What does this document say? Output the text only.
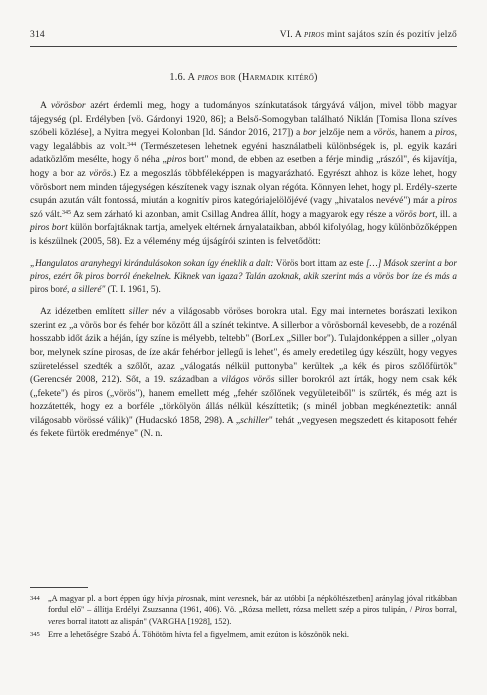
314	VI. A piros mint sajátos szín és pozitív jelző
1.6. A piros bor (Harmadik kitérő)

A vörösbor azért érdemli meg, hogy a tudományos színkutatások tárgyává váljon, mivel több magyar tájegység (pl. Erdélyben [vö. Gárdonyi 1920, 86]; a Belső-Somogyban található Niklán [Tomisa Ilona szíves szóbeli közlése], a Nyitra megyei Kolonban [ld. Sándor 2016, 217]) a bor jelzője nem a vörös, hanem a piros, vagy legalábbis az volt.$^{344}$ (Természetesen lehetnek egyéni használatbeli különbségek is, pl. egyik kazári adatközlőm mesélte, hogy ő néha „piros bort" mond, de ebben az esetben a férje mindig „rászól", és kijavítja, hogy a bor az vörös.) Ez a megoszlás többféleképpen is magyarázható. Egyrészt ahhoz is köze lehet, hogy vörösbort nem minden tájegységen készítenek vagy isznak olyan régóta. Könnyen lehet, hogy pl. Erdély-szerte csupán azután vált fontossá, miután a kognitív piros kategóriajelölőjévé (vagy „hivatalos nevévé") már a piros szó vált.$^{345}$ Az sem zárható ki azonban, amit Csillag Andrea állít, hogy a magyarok egy része a vörös bort, ill. a piros bort külön borfajtáknak tartja, amelyek eltérnek árnyalataikban, abból kifolyólag, hogy különbözőképpen is készülnek (2005, 58). Ez a vélemény még újságírói szinten is felvetődött:

„Hangulatos aranyhegyi kirándulásokon sokan így éneklik a dalt: Vörös bort ittam az este […] Mások szerint a bor piros, ezért ők piros borról énekelnek. Kiknek van igaza? Talán azoknak, akik szerint más a vörös bor íze és más a piros boré, a silleré" (T. I. 1961, 5).

Az idézetben említett siller név a világosabb vöröses borokra utal. Egy mai internetes borászati lexikon szerint ez „a vörös bor és fehér bor között áll a színét tekintve. A sillerbor a vörösbornál kevesebb, de a rozénál hosszabb időt ázik a héján, így színe is mélyebb, teltebb" (BorLex „Siller bor"). Tulajdonképpen a siller „olyan bor, melynek színe pirosas, de íze akár fehérbor jellegű is lehet", és amely eredetileg úgy készült, hogy vegyes szüreteléssel szedték a szőlőt, azaz „válogatás nélkül puttonyba" kerültek „a kék és piros szőlőfürtök" (Gerencsér 2008, 212). Sőt, a 19. században a világos vörös siller borokról azt írták, hogy nem csak kék („fekete") és piros („vörös"), hanem emellett még „fehér szőlőnek vegyületeiből" is szűrték, és még azt is hozzátették, hogy ez a borféle „törkölyön állás nélkül készíttetik; (s minél jobban megkéneztetik: annál világosabb vörössé válik)" (Hudacskó 1858, 298). A „schiller" tehát „vegyesen megszedett és kitaposott fehér és fekete fürtök eredménye" (N. n.

344 „A magyar pl. a bort éppen úgy hívja pirosnak, mint veresnek, bár az utóbbi [a népköltészetben] aránylag jóval ritkábban fordul elő" – állítja Erdélyi Zsuzsanna (1961, 406). Vö. „Rózsa mellett, rózsa mellett szép a piros tulipán, / Piros borral, veres borral itatott az alispán" (VARGHA [1928], 152).
345 Erre a lehetőségre Szabó Á. Töhötöm hívta fel a figyelmem, amit ezúton is köszönök neki.
